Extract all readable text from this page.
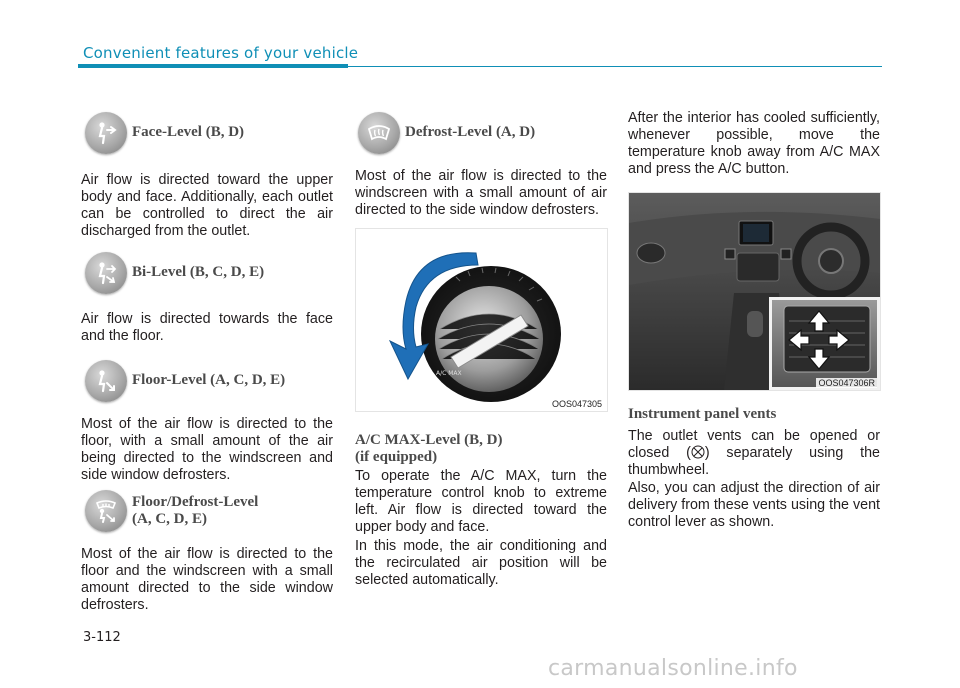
Convenient features of your vehicle
Face-Level (B, D)
Air flow is directed toward the upper body and face. Additionally, each outlet can be controlled to direct the air discharged from the outlet.
Bi-Level (B, C, D, E)
Air flow is directed towards the face and the floor.
Floor-Level (A, C, D, E)
Most of the air flow is directed to the floor, with a small amount of the air being directed to the windscreen and side window defrosters.
Floor/Defrost-Level
(A, C, D, E)
Most of the air flow is directed to the floor and the windscreen with a small amount directed to the side window defrosters.
Defrost-Level (A, D)
Most of the air flow is directed to the windscreen with a small amount of air directed to the side window defrosters.
A/C MAX
OOS047305
A/C MAX-Level (B, D)
(if equipped)
To operate the A/C MAX, turn the temperature control knob to extreme left. Air flow is directed toward the upper body and face.
In this mode, the air conditioning and the recirculated air position will be selected automatically.
After the interior has cooled sufficiently, whenever possible, move the temperature knob away from A/C MAX and press the A/C button.
OOS047306R
Instrument panel vents
The outlet vents can be opened or closed ( ) separately using the thumbwheel.
Also, you can adjust the direction of air delivery from these vents using the vent control lever as shown.
3-112
carmanualsonline.info
